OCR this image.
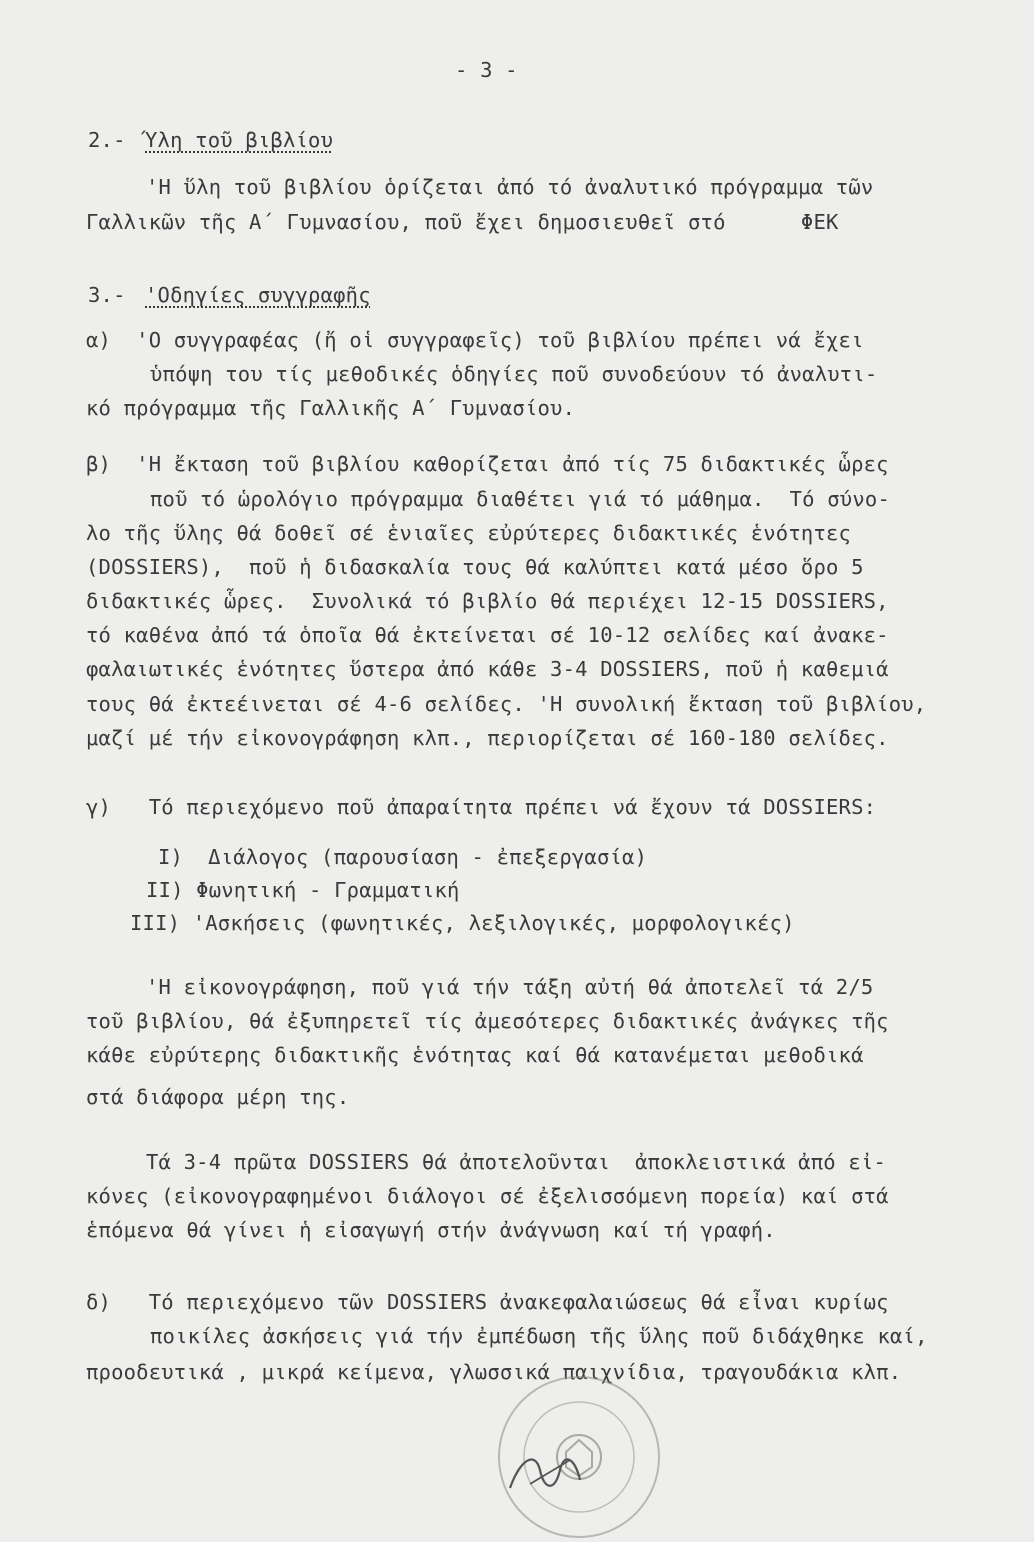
- 3 -
2.- Ύλη τοῦ βιβλίου
'Η ὕλη τοῦ βιβλίου ὁρίζεται ἀπό τό ἀναλυτικό πρόγραμμα τῶν
Γαλλικῶν τῆς Α΄ Γυμνασίου, ποῦ ἔχει δημοσιευθεῖ στό      ΦΕΚ
3.- 'Οδηγίες συγγραφῆς
α)  'Ο συγγραφέας (ἤ οἱ συγγραφεῖς) τοῦ βιβλίου πρέπει νά ἔχει
ὑπόψη του τίς μεθοδικές ὁδηγίες ποῦ συνοδεύουν τό ἀναλυτι-
κό πρόγραμμα τῆς Γαλλικῆς Α΄ Γυμνασίου.
β)  'Η ἔκταση τοῦ βιβλίου καθορίζεται ἀπό τίς 75 διδακτικές ὧρες
ποῦ τό ὡρολόγιο πρόγραμμα διαθέτει γιά τό μάθημα.  Τό σύνο-
λο τῆς ὕλης θά δοθεῖ σέ ἑνιαῖες εὐρύτερες διδακτικές ἑνότητες
(DOSSIERS),  ποῦ ἡ διδασκαλία τους θά καλύπτει κατά μέσο ὅρο 5
διδακτικές ὧρες.  Συνολικά τό βιβλίο θά περιέχει 12-15 DOSSIERS,
τό καθένα ἀπό τά ὁποῖα θά ἐκτείνεται σέ 10-12 σελίδες καί ἀνακε-
φαλαιωτικές ἑνότητες ὕστερα ἀπό κάθε 3-4 DOSSIERS, ποῦ ἡ καθεμιά
τους θά ἐκτεέινεται σέ 4-6 σελίδες. 'Η συνολική ἔκταση τοῦ βιβλίου,
μαζί μέ τήν εἰκονογράφηση κλπ., περιορίζεται σέ 160-180 σελίδες.
γ)   Τό περιεχόμενο ποῦ ἀπαραίτητα πρέπει νά ἔχουν τά DOSSIERS:
I)  Διάλογος (παρουσίαση - ἐπεξεργασία)
II) Φωνητική - Γραμματική
III) 'Ασκήσεις (φωνητικές, λεξιλογικές, μορφολογικές)
'Η εἰκονογράφηση, ποῦ γιά τήν τάξη αὐτή θά ἀποτελεῖ τά 2/5
τοῦ βιβλίου, θά ἐξυπηρετεῖ τίς ἀμεσότερες διδακτικές ἀνάγκες τῆς
κάθε εὐρύτερης διδακτικῆς ἑνότητας καί θά κατανέμεται μεθοδικά
στά διάφορα μέρη της.
Τά 3-4 πρῶτα DOSSIERS θά ἀποτελοῦνται  ἀποκλειστικά ἀπό εἰ-
κόνες (εἰκονογραφημένοι διάλογοι σέ ἐξελισσόμενη πορεία) καί στά
ἑπόμενα θά γίνει ἡ εἰσαγωγή στήν ἀνάγνωση καί τή γραφή.
δ)   Τό περιεχόμενο τῶν DOSSIERS ἀνακεφαλαιώσεως θά εἶναι κυρίως
ποικίλες ἀσκήσεις γιά τήν ἐμπέδωση τῆς ὕλης ποῦ διδάχθηκε καί,
προοδευτικά , μικρά κείμενα, γλωσσικά παιχνίδια, τραγουδάκια κλπ.
